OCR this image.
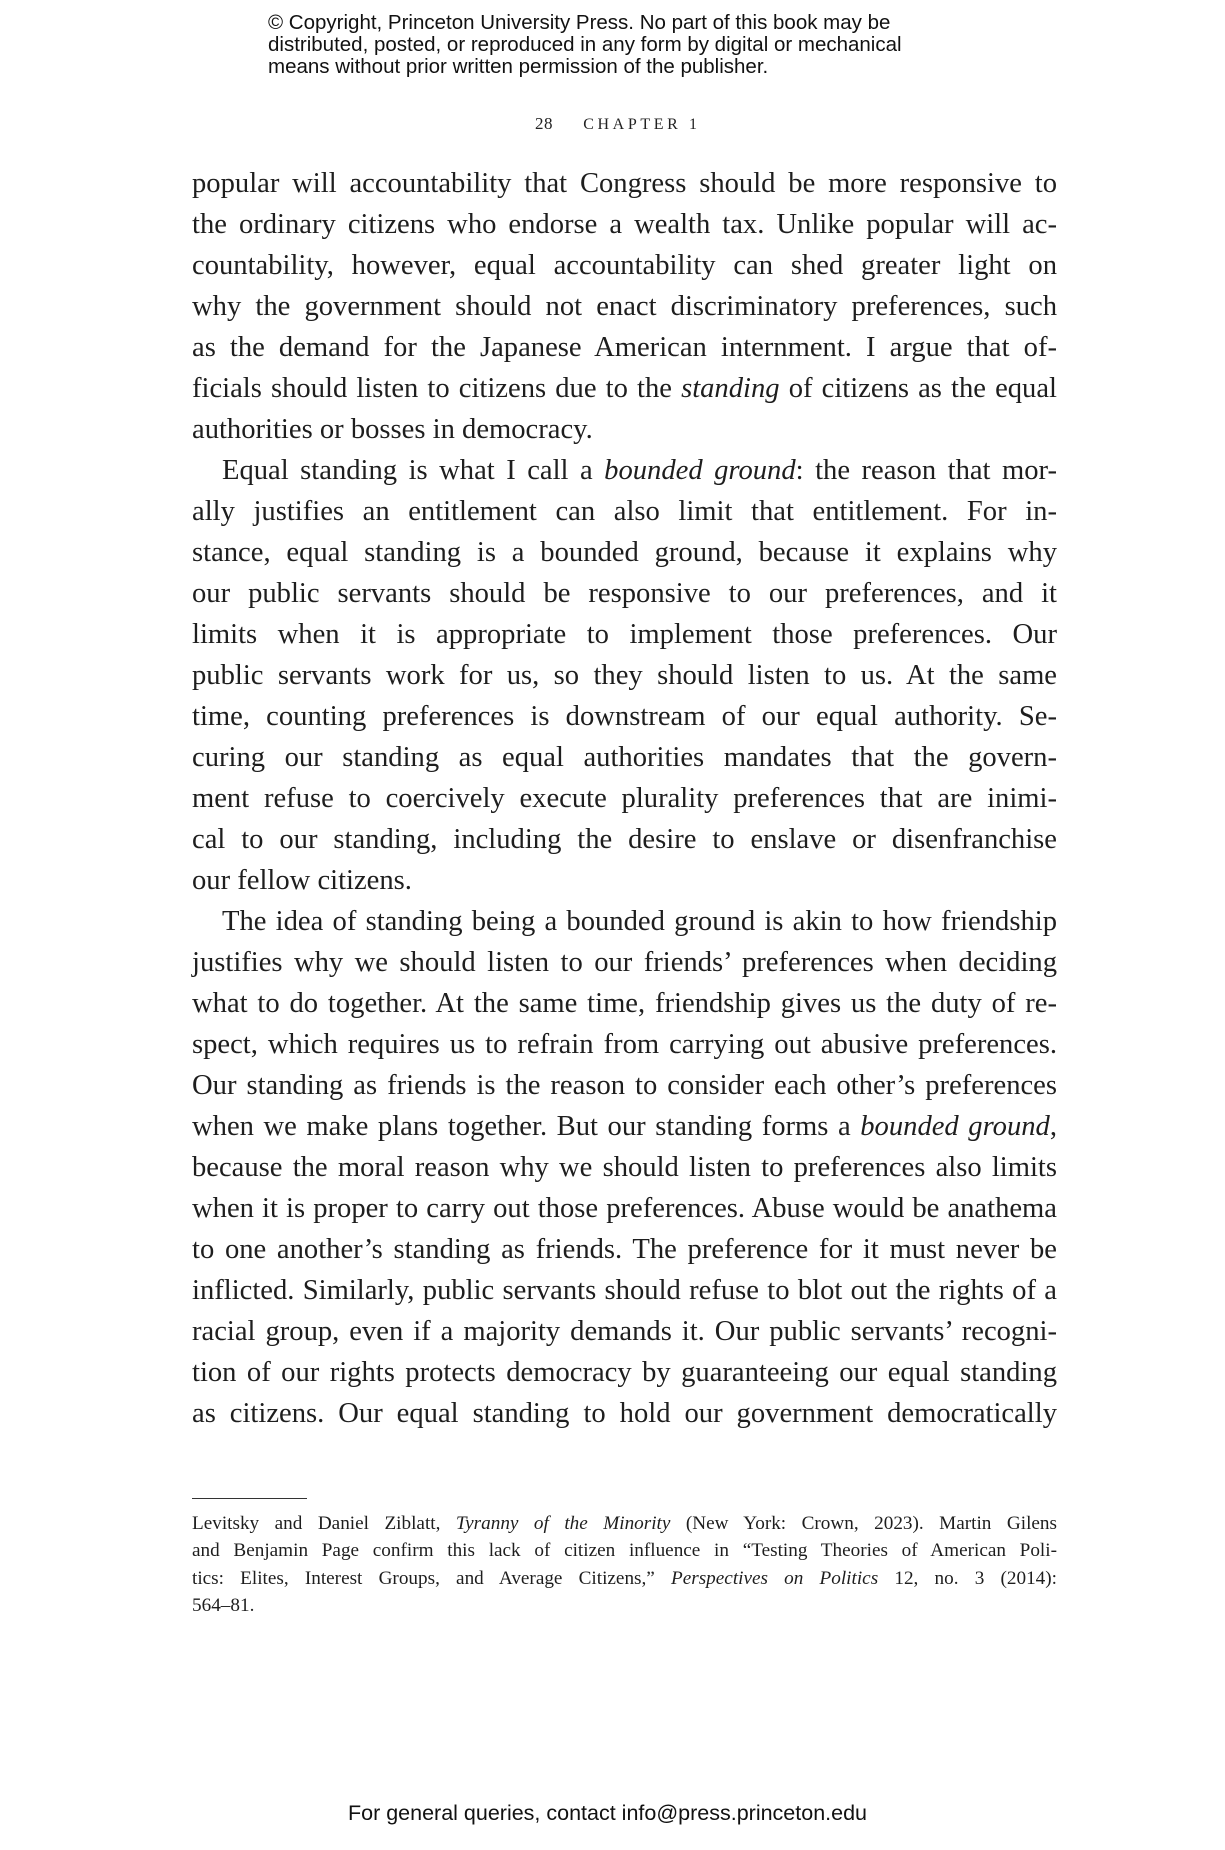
© Copyright, Princeton University Press. No part of this book may be
distributed, posted, or reproduced in any form by digital or mechanical
means without prior written permission of the publisher.
28 CHAPTER 1
popular will accountability that Congress should be more responsive to
the ordinary citizens who endorse a wealth tax. Unlike popular will ac-
countability, however, equal accountability can shed greater light on
why the government should not enact discriminatory preferences, such
as the demand for the Japanese American internment. I argue that of-
ficials should listen to citizens due to the standing of citizens as the equal
authorities or bosses in democracy.
Equal standing is what I call a bounded ground: the reason that mor-
ally justifies an entitlement can also limit that entitlement. For in-
stance, equal standing is a bounded ground, because it explains why
our public servants should be responsive to our preferences, and it
limits when it is appropriate to implement those preferences. Our
public servants work for us, so they should listen to us. At the same
time, counting preferences is downstream of our equal authority. Se-
curing our standing as equal authorities mandates that the govern-
ment refuse to coercively execute plurality preferences that are inimi-
cal to our standing, including the desire to enslave or disenfranchise
our fellow citizens.
The idea of standing being a bounded ground is akin to how friendship
justifies why we should listen to our friends’ preferences when deciding
what to do together. At the same time, friendship gives us the duty of re-
spect, which requires us to refrain from carrying out abusive preferences.
Our standing as friends is the reason to consider each other’s preferences
when we make plans together. But our standing forms a bounded ground,
because the moral reason why we should listen to preferences also limits
when it is proper to carry out those preferences. Abuse would be anathema
to one another’s standing as friends. The preference for it must never be
inflicted. Similarly, public servants should refuse to blot out the rights of a
racial group, even if a majority demands it. Our public servants’ recogni-
tion of our rights protects democracy by guaranteeing our equal standing
as citizens. Our equal standing to hold our government democratically
Levitsky and Daniel Ziblatt, Tyranny of the Minority (New York: Crown, 2023). Martin Gilens
and Benjamin Page confirm this lack of citizen influence in “Testing Theories of American Poli-
tics: Elites, Interest Groups, and Average Citizens,” Perspectives on Politics 12, no. 3 (2014):
564–81.
For general queries, contact info@press.princeton.edu
